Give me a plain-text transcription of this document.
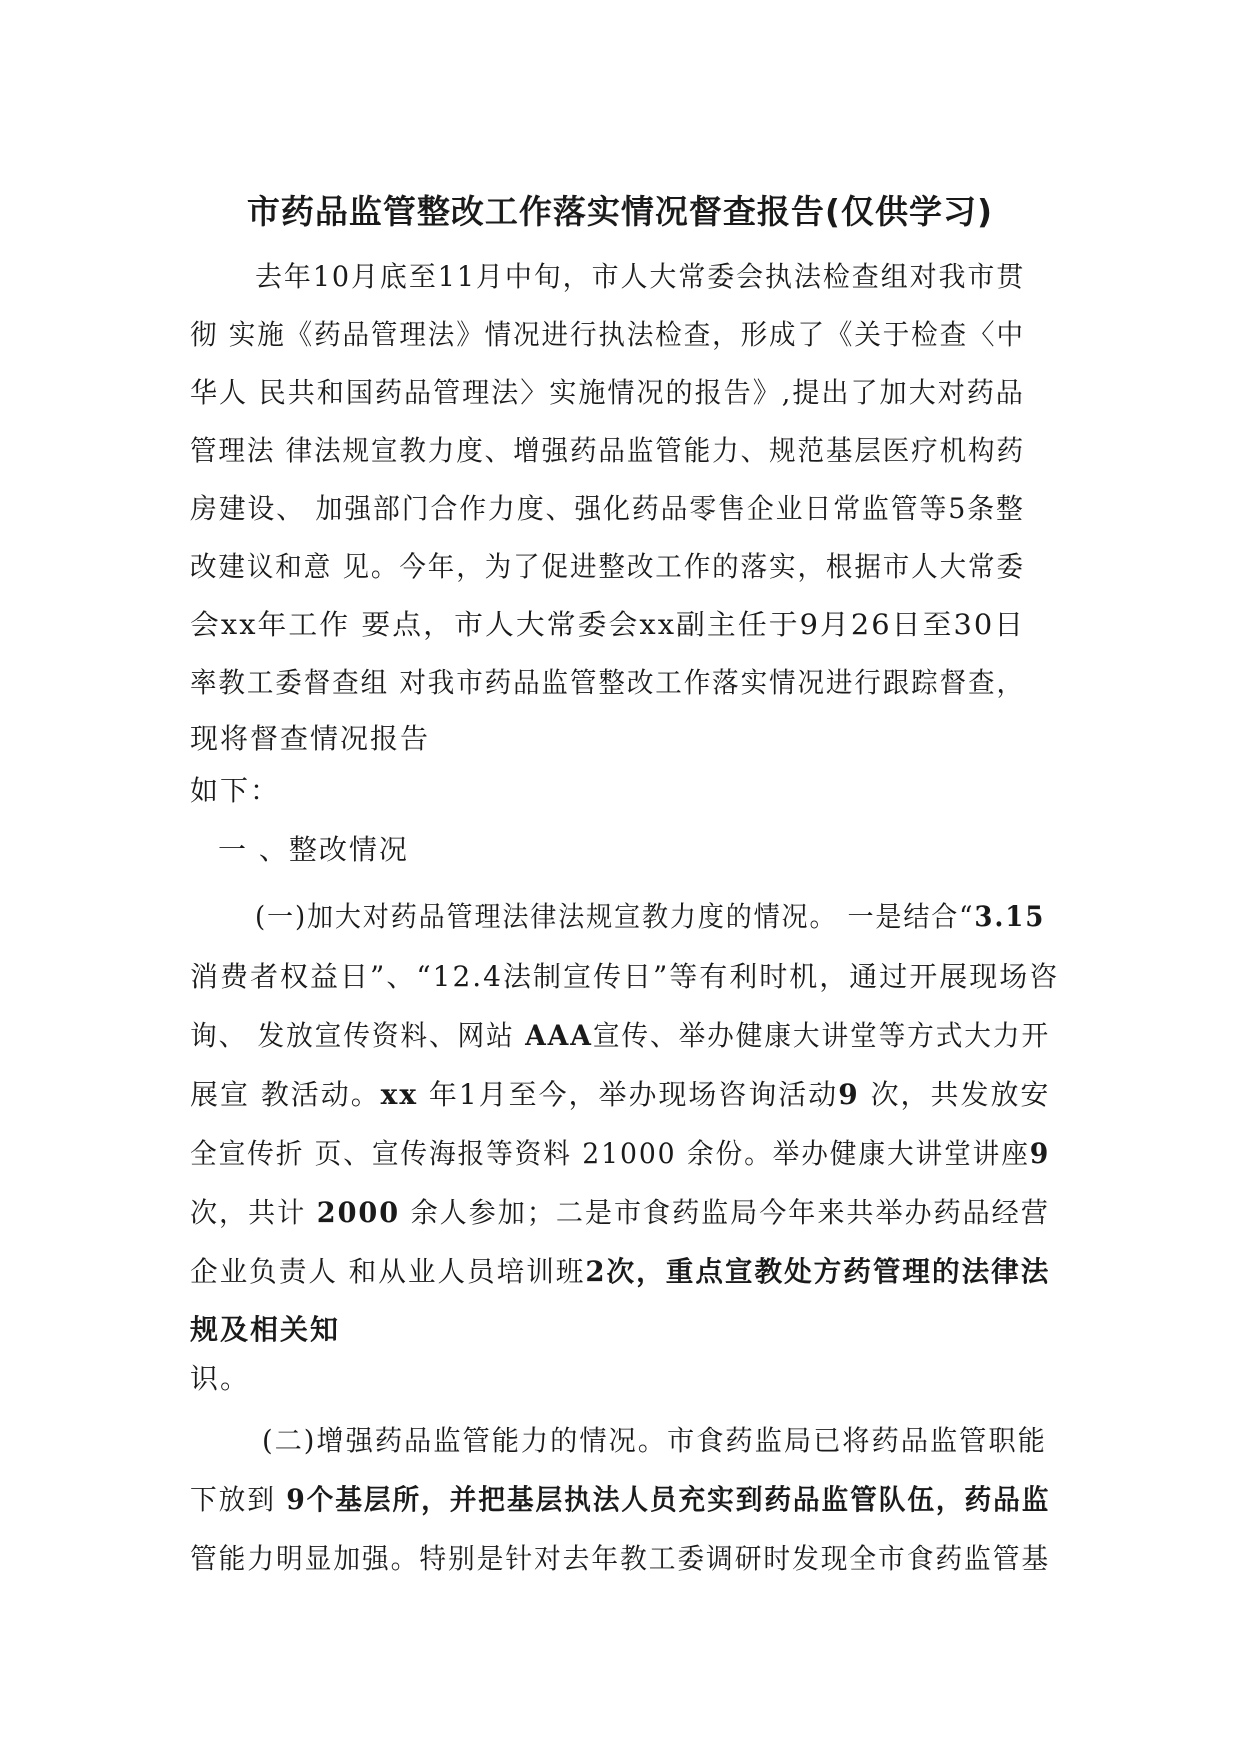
市药品监管整改工作落实情况督查报告(仅供学习)
去年10月底至11月中旬，市人大常委会执法检查组对我市贯
彻 实施《药品管理法》情况进行执法检查，形成了《关于检查〈中
华人 民共和国药品管理法〉实施情况的报告》,提出了加大对药品
管理法 律法规宣教力度、增强药品监管能力、规范基层医疗机构药
房建设、 加强部门合作力度、强化药品零售企业日常监管等5条整
改建议和意 见。今年，为了促进整改工作的落实，根据市人大常委
会xx年工作 要点，市人大常委会xx副主任于9月26日至30日
率教工委督查组 对我市药品监管整改工作落实情况进行跟踪督查，
现将督查情况报告
如下：
一 、整改情况
(一)加大对药品管理法律法规宣教力度的情况。 一是结合“3.15
消费者权益日”、“12.4法制宣传日”等有利时机，通过开展现场咨
询、 发放宣传资料、网站 AAA宣传、举办健康大讲堂等方式大力开
展宣 教活动。xx 年1月至今，举办现场咨询活动9 次，共发放安
全宣传折 页、宣传海报等资料 21000 余份。举办健康大讲堂讲座9
次，共计 2000 余人参加；二是市食药监局今年来共举办药品经营
企业负责人 和从业人员培训班2次，重点宣教处方药管理的法律法
规及相关知
识。
(二)增强药品监管能力的情况。市食药监局已将药品监管职能
下放到 9个基层所，并把基层执法人员充实到药品监管队伍，药品监
管能力明显加强。特别是针对去年教工委调研时发现全市食药监管基
